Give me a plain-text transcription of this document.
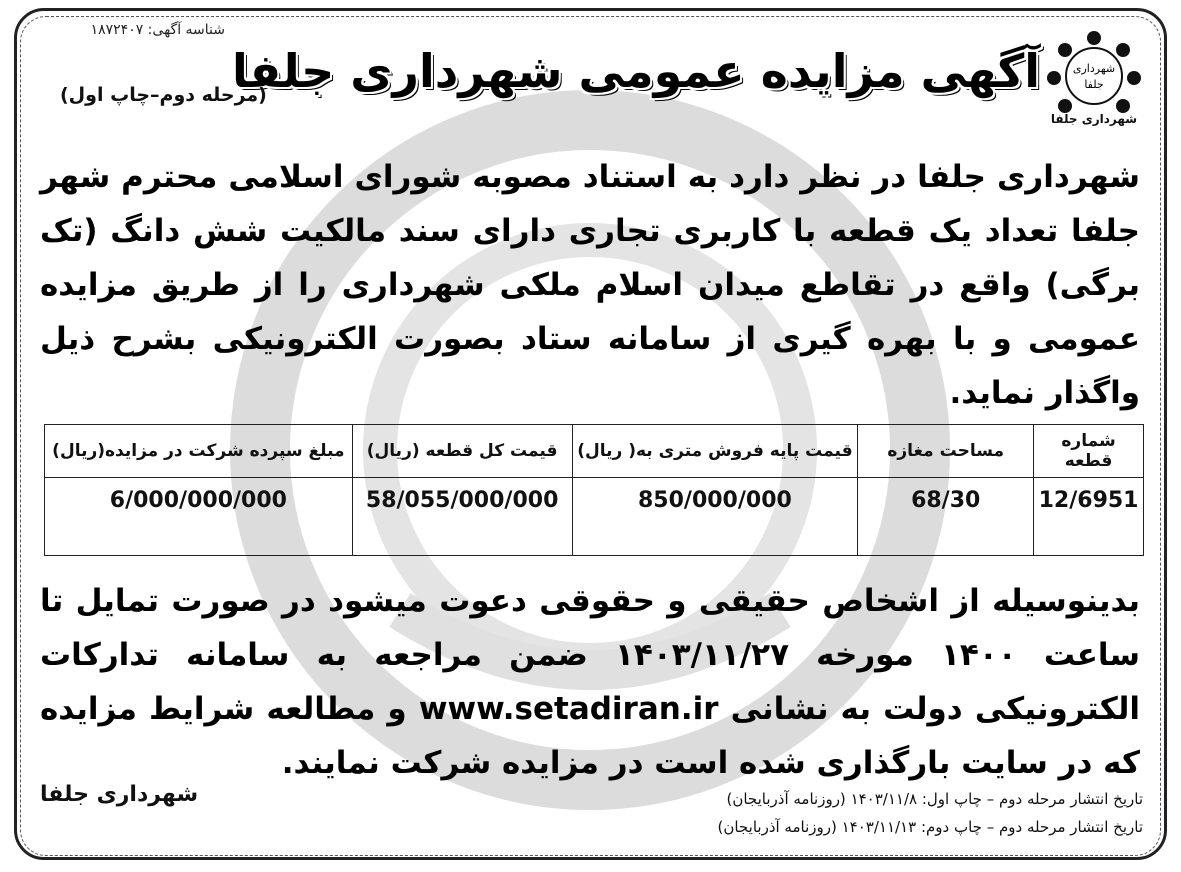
شناسه آگهی: ۱۸۷۲۴۰۷
شهرداری
جلفا
شهرداری جلفا
آگهی مزایده عمومی شهرداری جلفا
(مرحله دوم–چاپ اول)
شهرداری جلفا در نظر دارد به استناد مصوبه شورای اسلامی محترم شهر جلفا تعداد یک قطعه با کاربری تجاری دارای سند مالکیت شش دانگ (تک برگی) واقع در تقاطع میدان اسلام ملکی شهرداری را از طریق مزایده عمومی و با بهره گیری از سامانه ستاد بصورت الکترونیکی بشرح ذیل واگذار نماید.
شماره قطعه	مساحت مغازه	قیمت پایه فروش متری به( ریال)	قیمت کل قطعه (ریال)	مبلغ سپرده شرکت در مزایده(ریال)
12/6951	68/30	850/000/000	58/055/000/000	6/000/000/000
بدینوسیله از اشخاص حقیقی و حقوقی دعوت میشود در صورت تمایل تا ساعت ۱۴۰۰ مورخه ۱۴۰۳/۱۱/۲۷ ضمن مراجعه به سامانه تدارکات الکترونیکی دولت به نشانی www.setadiran.ir و مطالعه شرایط مزایده که در سایت بارگذاری شده است در مزایده شرکت نمایند.
شهرداری جلفا	تاریخ انتشار مرحله دوم – چاپ اول: ۱۴۰۳/۱۱/۸ (روزنامه آذربایجان)
تاریخ انتشار مرحله دوم – چاپ دوم: ۱۴۰۳/۱۱/۱۳ (روزنامه آذربایجان)
